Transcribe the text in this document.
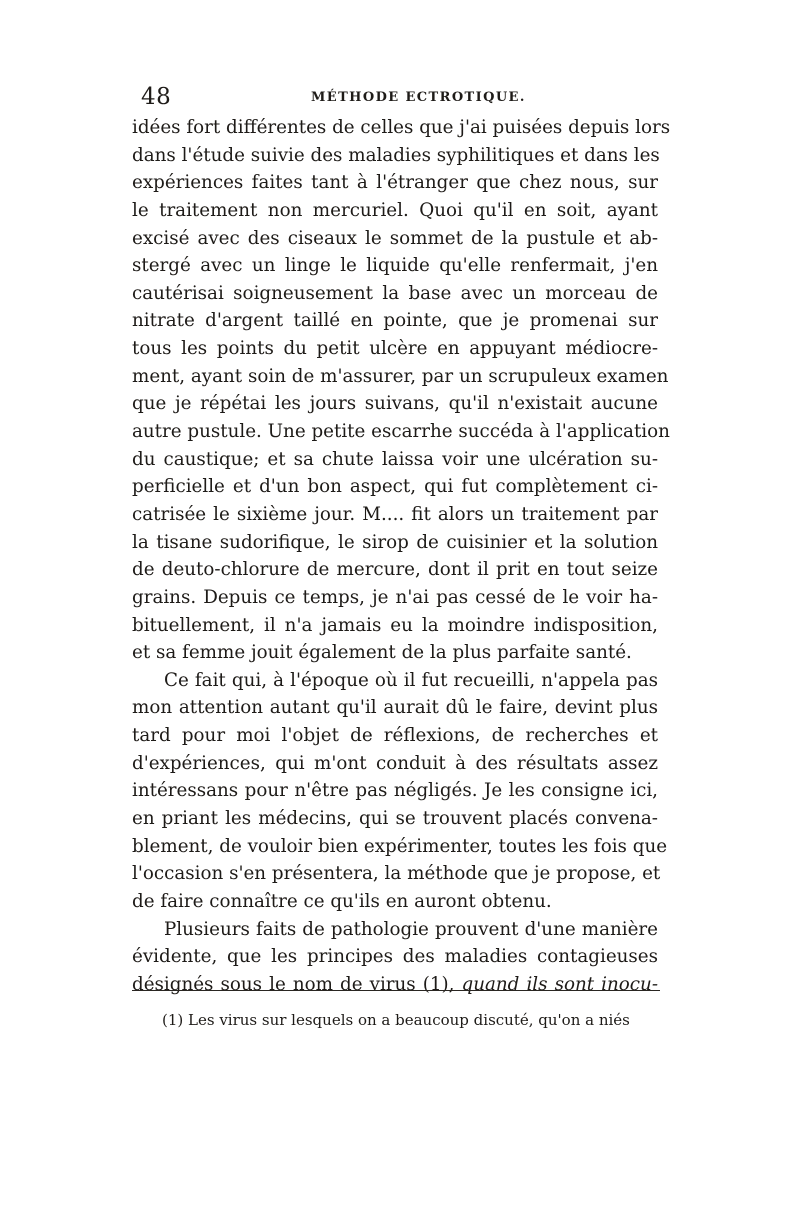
48	MÉTHODE ECTROTIQUE.
idées fort différentes de celles que j'ai puisées depuis lors
dans l'étude suivie des maladies syphilitiques et dans les
expériences faites tant à l'étranger que chez nous, sur
le traitement non mercuriel. Quoi qu'il en soit, ayant
excisé avec des ciseaux le sommet de la pustule et ab-
stergé avec un linge le liquide qu'elle renfermait, j'en
cautérisai soigneusement la base avec un morceau de
nitrate d'argent taillé en pointe, que je promenai sur
tous les points du petit ulcère en appuyant médiocre-
ment, ayant soin de m'assurer, par un scrupuleux examen
que je répétai les jours suivans, qu'il n'existait aucune
autre pustule. Une petite escarrhe succéda à l'application
du caustique; et sa chute laissa voir une ulcération su-
perficielle et d'un bon aspect, qui fut complètement ci-
catrisée le sixième jour. M.... fit alors un traitement par
la tisane sudorifique, le sirop de cuisinier et la solution
de deuto-chlorure de mercure, dont il prit en tout seize
grains. Depuis ce temps, je n'ai pas cessé de le voir ha-
bituellement, il n'a jamais eu la moindre indisposition,
et sa femme jouit également de la plus parfaite santé.
Ce fait qui, à l'époque où il fut recueilli, n'appela pas
mon attention autant qu'il aurait dû le faire, devint plus
tard pour moi l'objet de réflexions, de recherches et
d'expériences, qui m'ont conduit à des résultats assez
intéressans pour n'être pas négligés. Je les consigne ici,
en priant les médecins, qui se trouvent placés convena-
blement, de vouloir bien expérimenter, toutes les fois que
l'occasion s'en présentera, la méthode que je propose, et
de faire connaître ce qu'ils en auront obtenu.
Plusieurs faits de pathologie prouvent d'une manière
évidente, que les principes des maladies contagieuses
désignés sous le nom de virus (1), quand ils sont inocu-
(1) Les virus sur lesquels on a beaucoup discuté, qu'on a niés
